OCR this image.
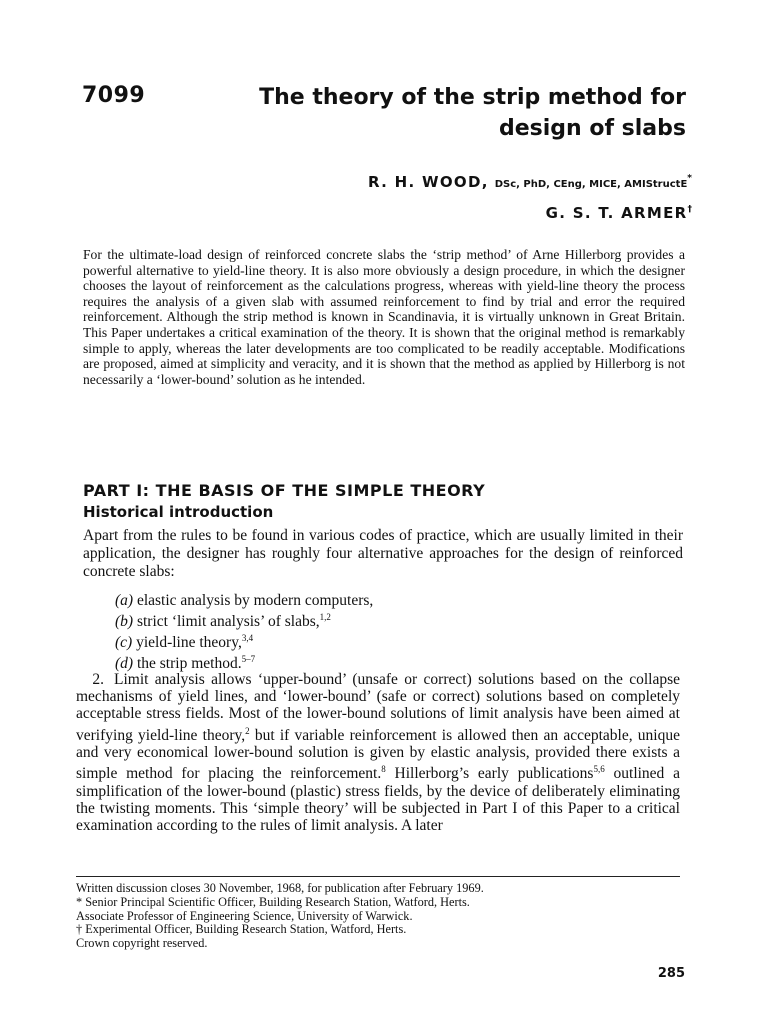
7099	The theory of the strip method for
design of slabs
R. H. WOOD, DSc, PhD, CEng, MICE, AMIStructE*
G. S. T. ARMER†

For the ultimate-load design of reinforced concrete slabs the ‘strip method’ of Arne Hillerborg provides a powerful alternative to yield-line theory. It is also more obviously a design procedure, in which the designer chooses the layout of reinforcement as the calculations progress, whereas with yield-line theory the process requires the analysis of a given slab with assumed reinforcement to find by trial and error the required reinforcement. Although the strip method is known in Scandinavia, it is virtually unknown in Great Britain. This Paper undertakes a critical examination of the theory. It is shown that the original method is remarkably simple to apply, whereas the later developments are too complicated to be readily acceptable. Modifications are proposed, aimed at simplicity and veracity, and it is shown that the method as applied by Hillerborg is not necessarily a ‘lower-bound’ solution as he intended.

PART I: THE BASIS OF THE SIMPLE THEORY
Historical introduction

Apart from the rules to be found in various codes of practice, which are usually limited in their application, the designer has roughly four alternative approaches for the design of reinforced concrete slabs:

(a) elastic analysis by modern computers,
(b) strict ‘limit analysis’ of slabs,$^{1,2}$
(c) yield-line theory,$^{3,4}$
(d) the strip method.$^{5-7}$

2. Limit analysis allows ‘upper-bound’ (unsafe or correct) solutions based on the collapse mechanisms of yield lines, and ‘lower-bound’ (safe or correct) solutions based on completely acceptable stress fields. Most of the lower-bound solutions of limit analysis have been aimed at verifying yield-line theory,$^2$ but if variable reinforcement is allowed then an acceptable, unique and very economical lower-bound solution is given by elastic analysis, provided there exists a simple method for placing the reinforcement.$^8$ Hillerborg’s early publications$^{5,6}$ outlined a simplification of the lower-bound (plastic) stress fields, by the device of deliberately eliminating the twisting moments. This ‘simple theory’ will be subjected in Part I of this Paper to a critical examination according to the rules of limit analysis. A later

Written discussion closes 30 November, 1968, for publication after February 1969.
* Senior Principal Scientific Officer, Building Research Station, Watford, Herts.
Associate Professor of Engineering Science, University of Warwick.
† Experimental Officer, Building Research Station, Watford, Herts.
Crown copyright reserved.
285
